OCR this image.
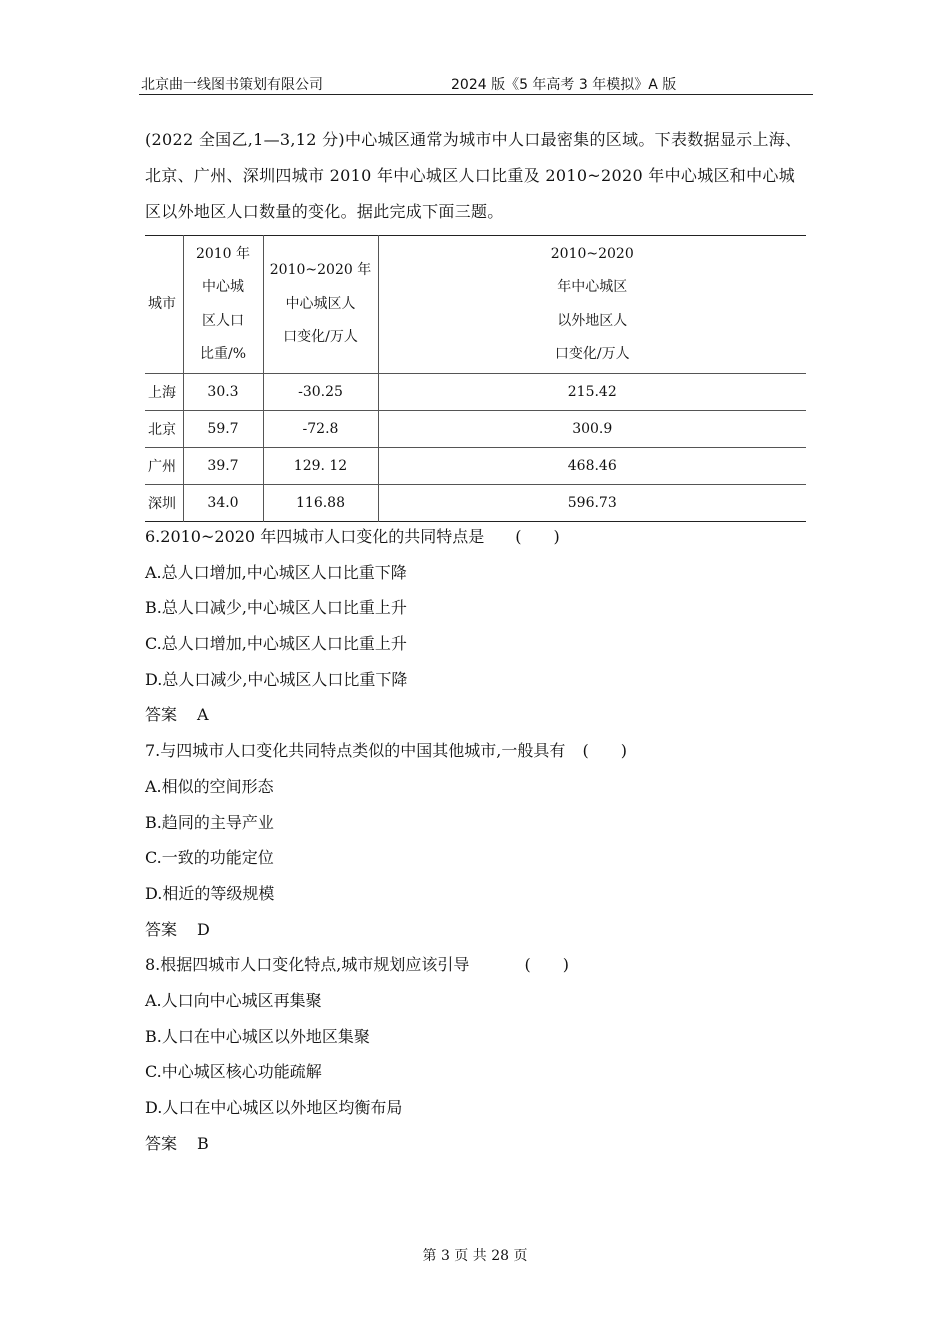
北京曲一线图书策划有限公司	2024 版《5 年高考 3 年模拟》A 版

(2022 全国乙,1—3,12 分)中心城区通常为城市中人口最密集的区域。下表数据显示上海、

北京、广州、深圳四城市 2010 年中心城区人口比重及 2010~2020 年中心城区和中心城

区以外地区人口数量的变化。据此完成下面三题。

城市	2010 年
中心城
区人口
比重/%	2010~2020 年
中心城区人
口变化/万人	2010~2020
年中心城区
以外地区人
口变化/万人
上海	30.3	-30.25	215.42
北京	59.7	-72.8	300.9
广州	39.7	129. 12	468.46
深圳	34.0	116.88	596.73
6.2010~2020 年四城市人口变化的共同特点是 (　　)
A.总人口增加,中心城区人口比重下降
B.总人口减少,中心城区人口比重上升
C.总人口增加,中心城区人口比重上升
D.总人口减少,中心城区人口比重下降
答案 A
7.与四城市人口变化共同特点类似的中国其他城市,一般具有 (　　)
A.相似的空间形态
B.趋同的主导产业
C.一致的功能定位
D.相近的等级规模
答案 D
8.根据四城市人口变化特点,城市规划应该引导	(　　)
A.人口向中心城区再集聚
B.人口在中心城区以外地区集聚
C.中心城区核心功能疏解
D.人口在中心城区以外地区均衡布局
答案 B
第 3 页 共 28 页
